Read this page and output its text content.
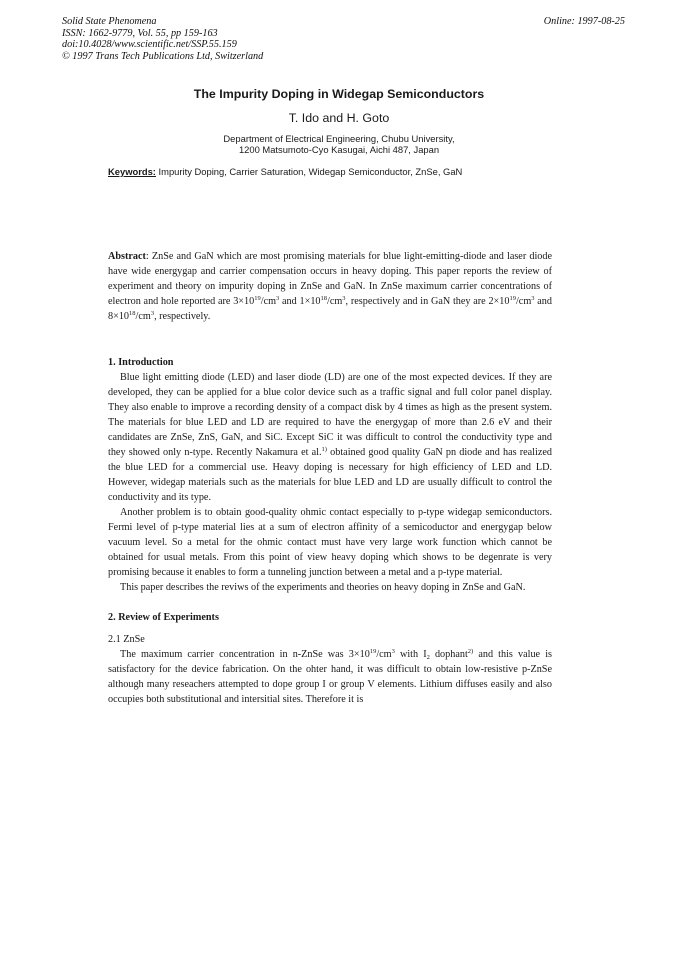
Solid State Phenomena
ISSN: 1662-9779, Vol. 55, pp 159-163
doi:10.4028/www.scientific.net/SSP.55.159
© 1997 Trans Tech Publications Ltd, Switzerland
Online: 1997-08-25
The Impurity Doping in Widegap Semiconductors
T. Ido and H. Goto
Department of Electrical Engineering, Chubu University,
1200 Matsumoto-Cyo Kasugai, Aichi 487, Japan
Keywords: Impurity Doping, Carrier Saturation, Widegap Semiconductor, ZnSe, GaN

Abstract: ZnSe and GaN which are most promising materials for blue light-emitting-diode and laser diode have wide energygap and carrier compensation occurs in heavy doping. This paper reports the review of experiment and theory on impurity doping in ZnSe and GaN. In ZnSe maximum carrier concentrations of electron and hole reported are $3\times 10^{19}/cm^3$ and $1\times 10^{18}/cm^3$, respectively and in GaN they are $2\times 10^{19}/cm^3$ and $8\times 10^{18}/cm^3$, respectively.

1. Introduction

Blue light emitting diode (LED) and laser diode (LD) are one of the most expected devices. If they are developed, they can be applied for a blue color device such as a traffic signal and full color panel display. They also enable to improve a recording density of a compact disk by 4 times as high as the present system. The materials for blue LED and LD are required to have the energygap of more than 2.6 eV and their candidates are ZnSe, ZnS, GaN, and SiC. Except SiC it was difficult to control the conductivity type and they showed only n-type. Recently Nakamura et al.$^{1)}$ obtained good quality GaN pn diode and has realized the blue LED for a commercial use. Heavy doping is necessary for high efficiency of LED and LD. However, widegap materials such as the materials for blue LED and LD are usually difficult to control the conductivity and its type.

Another problem is to obtain good-quality ohmic contact especially to p-type widegap semiconductors. Fermi level of p-type material lies at a sum of electron affinity of a semicoductor and energygap below vacuum level. So a metal for the ohmic contact must have very large work function which cannot be obtained for usual metals. From this point of view heavy doping which shows to be degenrate is very promising because it enables to form a tunneling junction between a metal and a p-type material.

This paper describes the reviws of the experiments and theories on heavy doping in ZnSe and GaN.

2. Review of Experiments

2.1 ZnSe

The maximum carrier concentration in n-ZnSe was $3\times 10^{19}/cm^3$ with $I_2$ dophant$^{2)}$ and this value is satisfactory for the device fabrication. On the ohter hand, it was difficult to obtain low-resistive p-ZnSe although many reseachers attempted to dope group I or group V elements. Lithium diffuses easily and also occupies both substitutional and intersitial sites. Therefore it is
